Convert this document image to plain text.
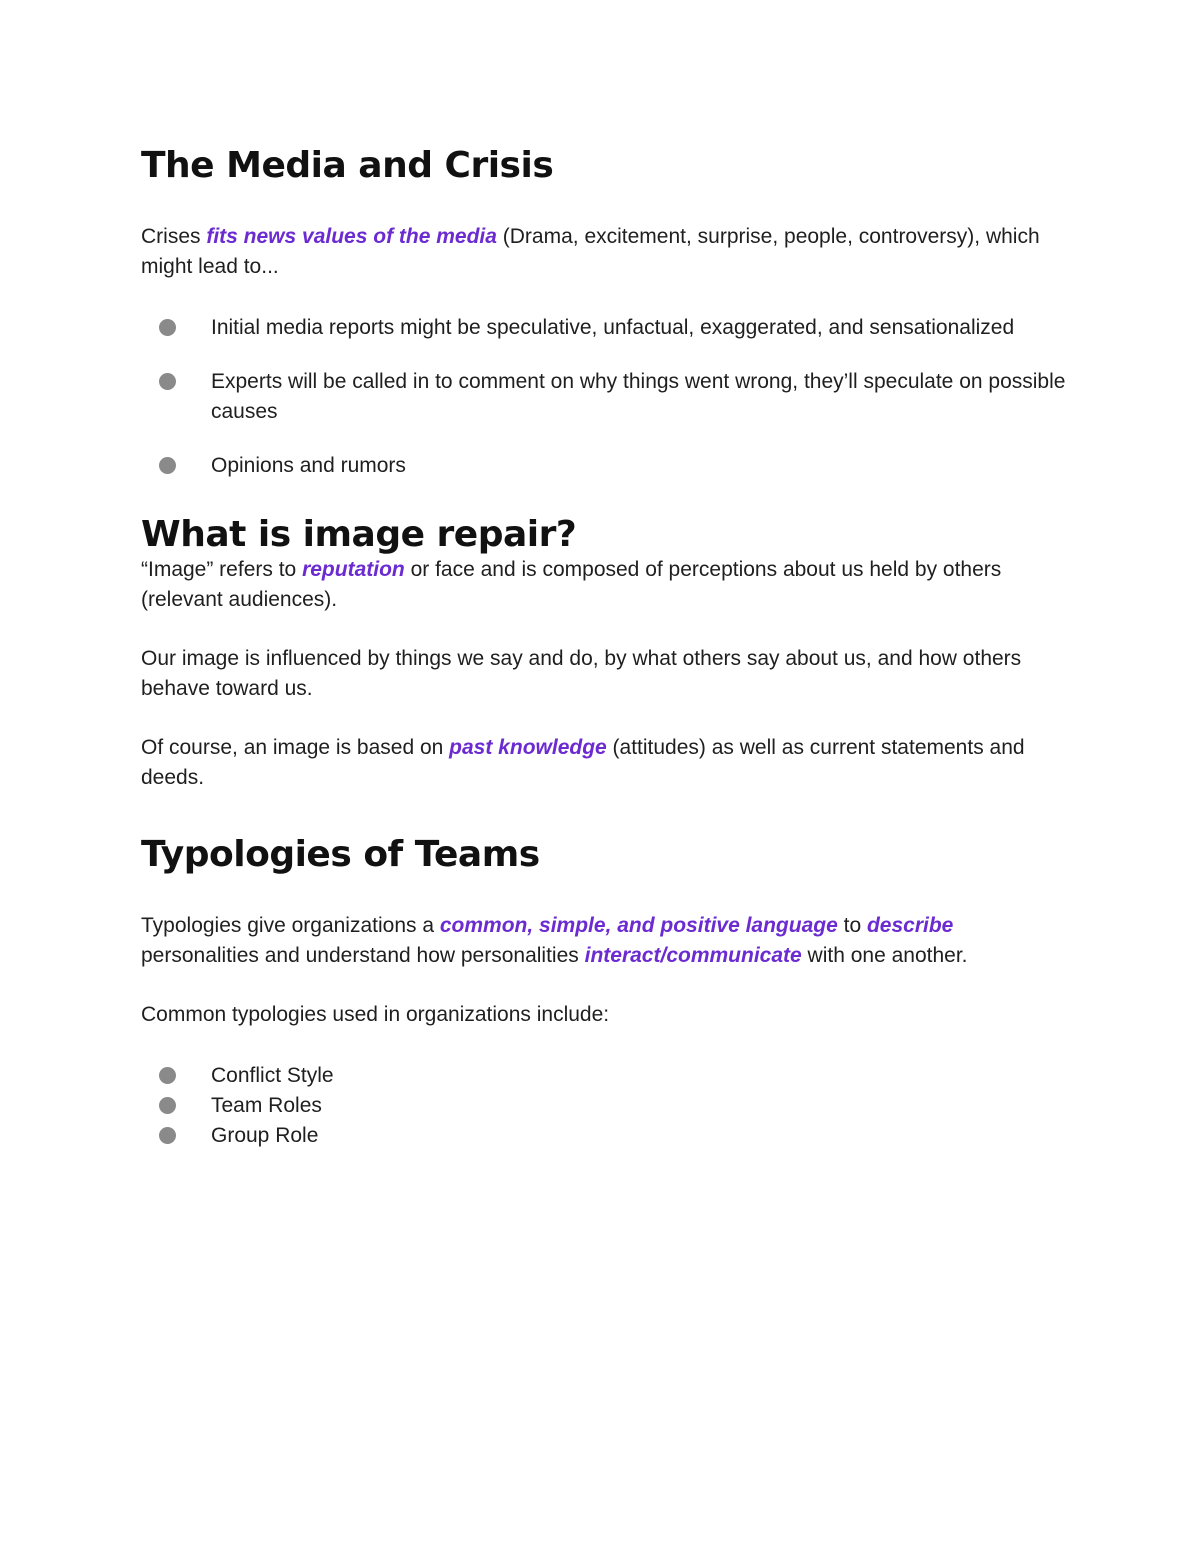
The Media and Crisis

Crises fits news values of the media (Drama, excitement, surprise, people, controversy), which might lead to...

Initial media reports might be speculative, unfactual, exaggerated, and sensationalized
Experts will be called in to comment on why things went wrong, they’ll speculate on possible causes
Opinions and rumors
What is image repair?

“Image” refers to reputation or face and is composed of perceptions about us held by others (relevant audiences).

Our image is influenced by things we say and do, by what others say about us, and how others behave toward us.

Of course, an image is based on past knowledge (attitudes) as well as current statements and deeds.

Typologies of Teams

Typologies give organizations a common, simple, and positive language to describe personalities and understand how personalities interact/communicate with one another.

Common typologies used in organizations include:

Conflict Style
Team Roles
Group Role
